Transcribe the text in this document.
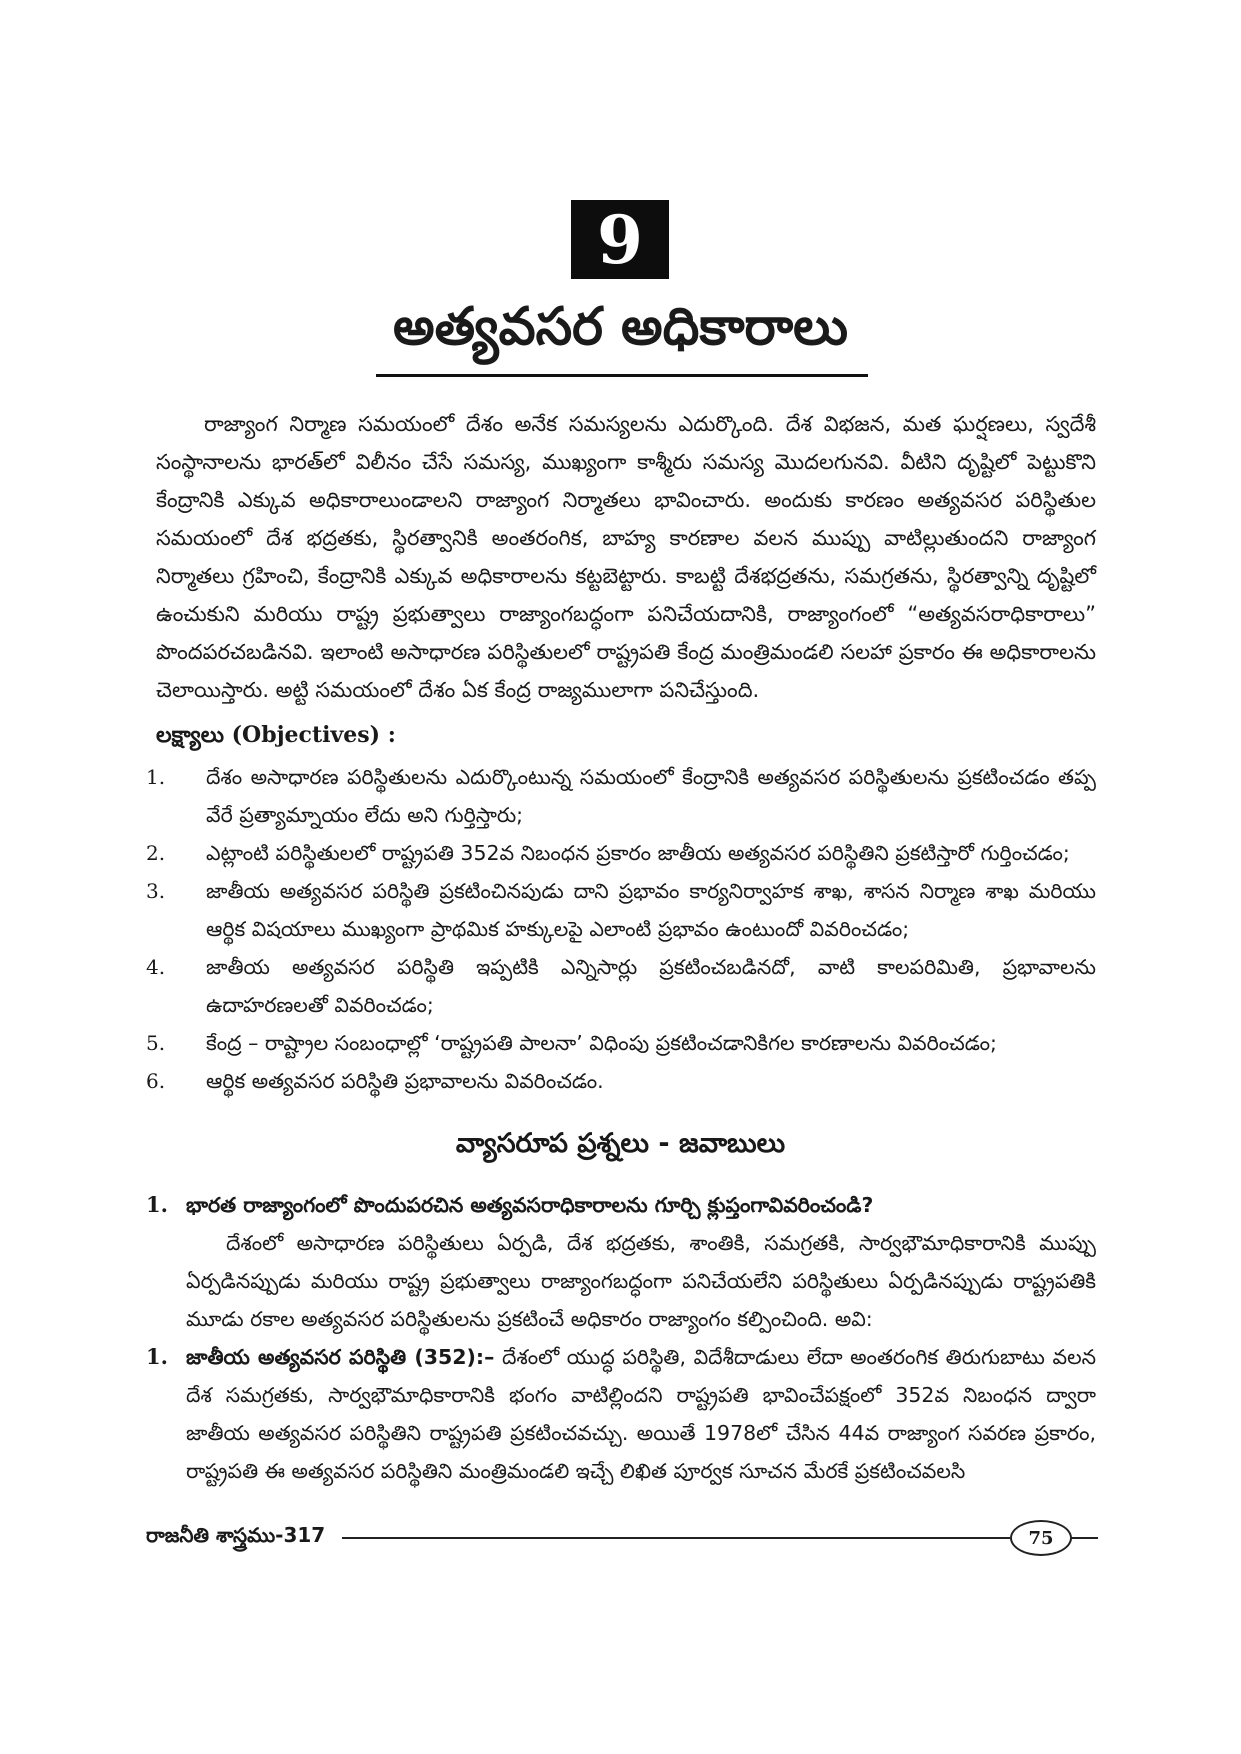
9
అత్యవసర అధికారాలు

రాజ్యాంగ నిర్మాణ సమయంలో దేశం అనేక సమస్యలను ఎదుర్కొంది. దేశ విభజన, మత ఘర్షణలు, స్వదేశీ సంస్థానాలను భారత్‌లో విలీనం చేసే సమస్య, ముఖ్యంగా కాశ్మీరు సమస్య మొదలగునవి. వీటిని దృష్టిలో పెట్టుకొని కేంద్రానికి ఎక్కువ అధికారాలుండాలని రాజ్యాంగ నిర్మాతలు భావించారు. అందుకు కారణం అత్యవసర పరిస్థితుల సమయంలో దేశ భద్రతకు, స్థిరత్వానికి అంతరంగిక, బాహ్య కారణాల వలన ముప్పు వాటిల్లుతుందని రాజ్యాంగ నిర్మాతలు గ్రహించి, కేంద్రానికి ఎక్కువ అధికారాలను కట్టబెట్టారు. కాబట్టి దేశభద్రతను, సమగ్రతను, స్థిరత్వాన్ని దృష్టిలో ఉంచుకుని మరియు రాష్ట్ర ప్రభుత్వాలు రాజ్యాంగబద్ధంగా పనిచేయదానికి, రాజ్యాంగంలో “అత్యవసరాధికారాలు” పొందపరచబడినవి. ఇలాంటి అసాధారణ పరిస్థితులలో రాష్ట్రపతి కేంద్ర మంత్రిమండలి సలహా ప్రకారం ఈ అధికారాలను చెలాయిస్తారు. అట్టి సమయంలో దేశం ఏక కేంద్ర రాజ్యములాగా పనిచేస్తుంది.

లక్ష్యాలు (Objectives) :
1.	దేశం అసాధారణ పరిస్థితులను ఎదుర్కొంటున్న సమయంలో కేంద్రానికి అత్యవసర పరిస్థితులను ప్రకటించడం తప్ప వేరే ప్రత్యామ్నాయం లేదు అని గుర్తిస్తారు;
2.	ఎట్లాంటి పరిస్థితులలో రాష్ట్రపతి 352వ నిబంధన ప్రకారం జాతీయ అత్యవసర పరిస్థితిని ప్రకటిస్తారో గుర్తించడం;
3.	జాతీయ అత్యవసర పరిస్థితి ప్రకటించినపుడు దాని ప్రభావం కార్యనిర్వాహక శాఖ, శాసన నిర్మాణ శాఖ మరియు ఆర్థిక విషయాలు ముఖ్యంగా ప్రాథమిక హక్కులపై ఎలాంటి ప్రభావం ఉంటుందో వివరించడం;
4.	జాతీయ అత్యవసర పరిస్థితి ఇప్పటికి ఎన్నిసార్లు ప్రకటించబడినదో, వాటి కాలపరిమితి, ప్రభావాలను ఉదాహరణలతో వివరించడం;
5.	కేంద్ర – రాష్ట్రాల సంబంధాల్లో ‘రాష్ట్రపతి పాలనా’ విధింపు ప్రకటించడానికిగల కారణాలను వివరించడం;
6.	ఆర్థిక అత్యవసర పరిస్థితి ప్రభావాలను వివరించడం.
వ్యాసరూప ప్రశ్నలు - జవాబులు
1. భారత రాజ్యాంగంలో పొందుపరచిన అత్యవసరాధికారాలను గూర్చి క్లుప్తంగావివరించండి?

దేశంలో అసాధారణ పరిస్థితులు ఏర్పడి, దేశ భద్రతకు, శాంతికి, సమగ్రతకి, సార్వభౌమాధికారానికి ముప్పు ఏర్పడినప్పుడు మరియు రాష్ట్ర ప్రభుత్వాలు రాజ్యాంగబద్ధంగా పనిచేయలేని పరిస్థితులు ఏర్పడినప్పుడు రాష్ట్రపతికి మూడు రకాల అత్యవసర పరిస్థితులను ప్రకటించే అధికారం రాజ్యాంగం కల్పించింది. అవి:

1. జాతీయ అత్యవసర పరిస్థితి (352):– దేశంలో యుద్ధ పరిస్థితి, విదేశీదాడులు లేదా అంతరంగిక తిరుగుబాటు వలన దేశ సమగ్రతకు, సార్వభౌమాధికారానికి భంగం వాటిల్లిందని రాష్ట్రపతి భావించేపక్షంలో 352వ నిబంధన ద్వారా జాతీయ అత్యవసర పరిస్థితిని రాష్ట్రపతి ప్రకటించవచ్చు. అయితే 1978లో చేసిన 44వ రాజ్యాంగ సవరణ ప్రకారం, రాష్ట్రపతి ఈ అత్యవసర పరిస్థితిని మంత్రిమండలి ఇచ్చే లిఖిత పూర్వక సూచన మేరకే ప్రకటించవలసి
రాజనీతి శాస్త్రము-317	75
